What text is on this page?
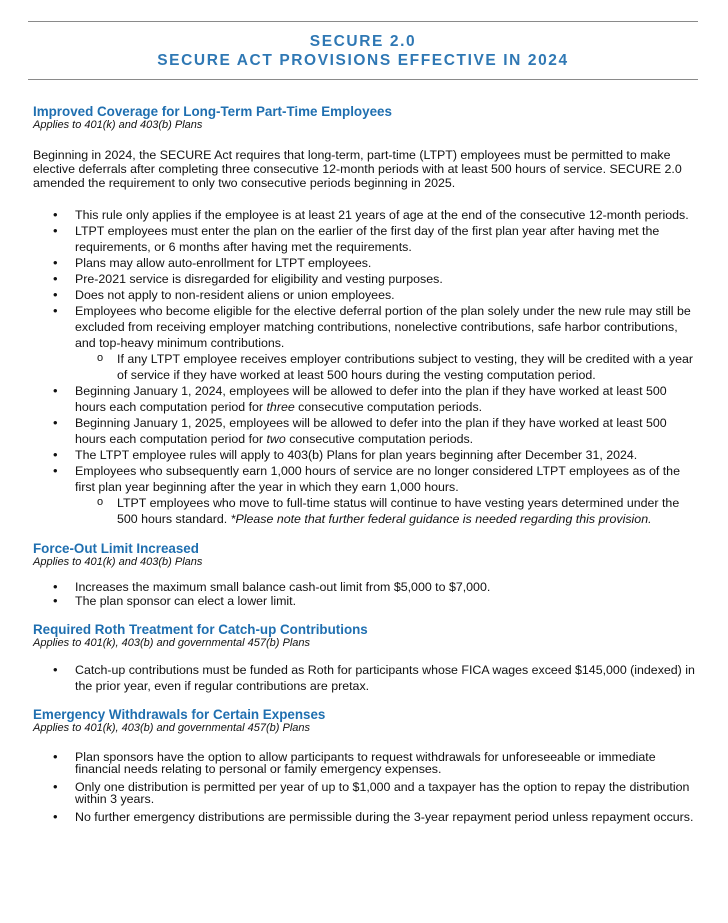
SECURE 2.0
SECURE ACT PROVISIONS EFFECTIVE IN 2024
Improved Coverage for Long-Term Part-Time Employees

Applies to 401(k) and 403(b) Plans

Beginning in 2024, the SECURE Act requires that long-term, part-time (LTPT) employees must be permitted to make elective deferrals after completing three consecutive 12-month periods with at least 500 hours of service. SECURE 2.0 amended the requirement to only two consecutive periods beginning in 2025.

• This rule only applies if the employee is at least 21 years of age at the end of the consecutive 12-month periods.
• LTPT employees must enter the plan on the earlier of the first day of the first plan year after having met the requirements, or 6 months after having met the requirements.
• Plans may allow auto-enrollment for LTPT employees.
• Pre-2021 service is disregarded for eligibility and vesting purposes.
• Does not apply to non-resident aliens or union employees.
• Employees who become eligible for the elective deferral portion of the plan solely under the new rule may still be excluded from receiving employer matching contributions, nonelective contributions, safe harbor contributions, and top-heavy minimum contributions.
o If any LTPT employee receives employer contributions subject to vesting, they will be credited with a year of service if they have worked at least 500 hours during the vesting computation period.
• Beginning January 1, 2024, employees will be allowed to defer into the plan if they have worked at least 500 hours each computation period for three consecutive computation periods.
• Beginning January 1, 2025, employees will be allowed to defer into the plan if they have worked at least 500 hours each computation period for two consecutive computation periods.
• The LTPT employee rules will apply to 403(b) Plans for plan years beginning after December 31, 2024.
• Employees who subsequently earn 1,000 hours of service are no longer considered LTPT employees as of the first plan year beginning after the year in which they earn 1,000 hours.
o LTPT employees who move to full-time status will continue to have vesting years determined under the 500 hours standard. *Please note that further federal guidance is needed regarding this provision.
Force-Out Limit Increased

Applies to 401(k) and 403(b) Plans

• Increases the maximum small balance cash-out limit from $5,000 to $7,000.
• The plan sponsor can elect a lower limit.
Required Roth Treatment for Catch-up Contributions

Applies to 401(k), 403(b) and governmental 457(b) Plans

• Catch-up contributions must be funded as Roth for participants whose FICA wages exceed $145,000 (indexed) in the prior year, even if regular contributions are pretax.
Emergency Withdrawals for Certain Expenses

Applies to 401(k), 403(b) and governmental 457(b) Plans

• Plan sponsors have the option to allow participants to request withdrawals for unforeseeable or immediate financial needs relating to personal or family emergency expenses.
• Only one distribution is permitted per year of up to $1,000 and a taxpayer has the option to repay the distribution within 3 years.
• No further emergency distributions are permissible during the 3-year repayment period unless repayment occurs.
